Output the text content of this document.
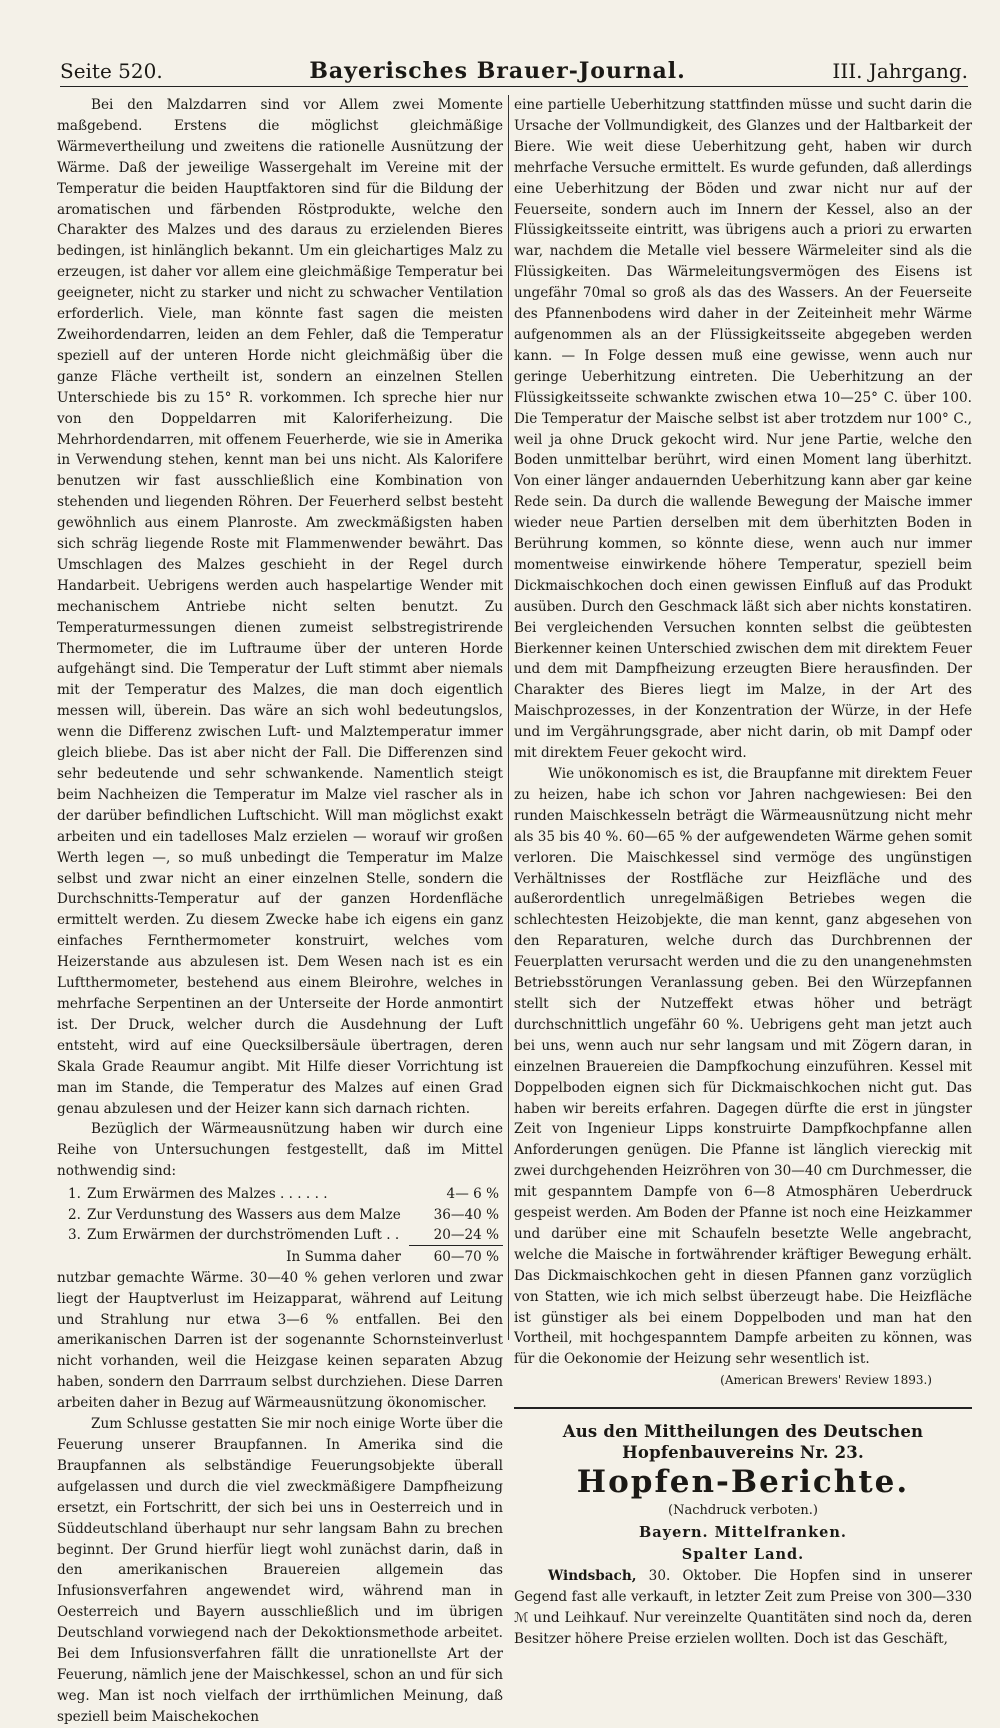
Seite 520.	Bayerisches Brauer-Journal.	III. Jahrgang.

Bei den Malzdarren sind vor Allem zwei Momente maßgebend. Erstens die möglichst gleichmäßige Wärmevertheilung und zweitens die rationelle Ausnützung der Wärme. Daß der jeweilige Wassergehalt im Vereine mit der Temperatur die beiden Hauptfaktoren sind für die Bildung der aromatischen und färbenden Röstprodukte, welche den Charakter des Malzes und des daraus zu erzielenden Bieres bedingen, ist hinlänglich bekannt. Um ein gleichartiges Malz zu erzeugen, ist daher vor allem eine gleichmäßige Temperatur bei geeigneter, nicht zu starker und nicht zu schwacher Ventilation erforderlich. Viele, man könnte fast sagen die meisten Zweihordendarren, leiden an dem Fehler, daß die Temperatur speziell auf der unteren Horde nicht gleichmäßig über die ganze Fläche vertheilt ist, sondern an einzelnen Stellen Unterschiede bis zu 15° R. vorkommen. Ich spreche hier nur von den Doppeldarren mit Kaloriferheizung. Die Mehrhordendarren, mit offenem Feuerherde, wie sie in Amerika in Verwendung stehen, kennt man bei uns nicht. Als Kalorifere benutzen wir fast ausschließlich eine Kombination von stehenden und liegenden Röhren. Der Feuerherd selbst besteht gewöhnlich aus einem Planroste. Am zweckmäßigsten haben sich schräg liegende Roste mit Flammenwender bewährt. Das Umschlagen des Malzes geschieht in der Regel durch Handarbeit. Uebrigens werden auch haspelartige Wender mit mechanischem Antriebe nicht selten benutzt. Zu Temperaturmessungen dienen zumeist selbstregistrirende Thermometer, die im Luftraume über der unteren Horde aufgehängt sind. Die Temperatur der Luft stimmt aber niemals mit der Temperatur des Malzes, die man doch eigentlich messen will, überein. Das wäre an sich wohl bedeutungslos, wenn die Differenz zwischen Luft- und Malztemperatur immer gleich bliebe. Das ist aber nicht der Fall. Die Differenzen sind sehr bedeutende und sehr schwankende. Namentlich steigt beim Nachheizen die Temperatur im Malze viel rascher als in der darüber befindlichen Luftschicht. Will man möglichst exakt arbeiten und ein tadelloses Malz erzielen — worauf wir großen Werth legen —, so muß unbedingt die Temperatur im Malze selbst und zwar nicht an einer einzelnen Stelle, sondern die Durchschnitts-Temperatur auf der ganzen Hordenfläche ermittelt werden. Zu diesem Zwecke habe ich eigens ein ganz einfaches Fernthermometer konstruirt, welches vom Heizerstande aus abzulesen ist. Dem Wesen nach ist es ein Luftthermometer, bestehend aus einem Bleirohre, welches in mehrfache Serpentinen an der Unterseite der Horde anmontirt ist. Der Druck, welcher durch die Ausdehnung der Luft entsteht, wird auf eine Quecksilbersäule übertragen, deren Skala Grade Reaumur angibt. Mit Hilfe dieser Vorrichtung ist man im Stande, die Temperatur des Malzes auf einen Grad genau abzulesen und der Heizer kann sich darnach richten.

Bezüglich der Wärmeausnützung haben wir durch eine Reihe von Untersuchungen festgestellt, daß im Mittel nothwendig sind:

1.	Zum Erwärmen des Malzes . . . . . .	4— 6 %
2.	Zur Verdunstung des Wassers aus dem Malze	36—40 %
3.	Zum Erwärmen der durchströmenden Luft . .	20—24 %
	In Summa daher	60—70 %

nutzbar gemachte Wärme. 30—40 % gehen verloren und zwar liegt der Hauptverlust im Heizapparat, während auf Leitung und Strahlung nur etwa 3—6 % entfallen. Bei den amerikanischen Darren ist der sogenannte Schornsteinverlust nicht vorhanden, weil die Heizgase keinen separaten Abzug haben, sondern den Darrraum selbst durchziehen. Diese Darren arbeiten daher in Bezug auf Wärmeausnützung ökonomischer.

Zum Schlusse gestatten Sie mir noch einige Worte über die Feuerung unserer Braupfannen. In Amerika sind die Braupfannen als selbständige Feuerungsobjekte überall aufgelassen und durch die viel zweckmäßigere Dampfheizung ersetzt, ein Fortschritt, der sich bei uns in Oesterreich und in Süddeutschland überhaupt nur sehr langsam Bahn zu brechen beginnt. Der Grund hierfür liegt wohl zunächst darin, daß in den amerikanischen Brauereien allgemein das Infusionsverfahren angewendet wird, während man in Oesterreich und Bayern ausschließlich und im übrigen Deutschland vorwiegend nach der Dekoktionsmethode arbeitet. Bei dem Infusionsverfahren fällt die unrationellste Art der Feuerung, nämlich jene der Maischkessel, schon an und für sich weg. Man ist noch vielfach der irrthümlichen Meinung, daß speziell beim Maischekochen

eine partielle Ueberhitzung stattfinden müsse und sucht darin die Ursache der Vollmundigkeit, des Glanzes und der Haltbarkeit der Biere. Wie weit diese Ueberhitzung geht, haben wir durch mehrfache Versuche ermittelt. Es wurde gefunden, daß allerdings eine Ueberhitzung der Böden und zwar nicht nur auf der Feuerseite, sondern auch im Innern der Kessel, also an der Flüssigkeitsseite eintritt, was übrigens auch a priori zu erwarten war, nachdem die Metalle viel bessere Wärmeleiter sind als die Flüssigkeiten. Das Wärmeleitungsvermögen des Eisens ist ungefähr 70mal so groß als das des Wassers. An der Feuerseite des Pfannenbodens wird daher in der Zeiteinheit mehr Wärme aufgenommen als an der Flüssigkeitsseite abgegeben werden kann. — In Folge dessen muß eine gewisse, wenn auch nur geringe Ueberhitzung eintreten. Die Ueberhitzung an der Flüssigkeitsseite schwankte zwischen etwa 10—25° C. über 100. Die Temperatur der Maische selbst ist aber trotzdem nur 100° C., weil ja ohne Druck gekocht wird. Nur jene Partie, welche den Boden unmittelbar berührt, wird einen Moment lang überhitzt. Von einer länger andauernden Ueberhitzung kann aber gar keine Rede sein. Da durch die wallende Bewegung der Maische immer wieder neue Partien derselben mit dem überhitzten Boden in Berührung kommen, so könnte diese, wenn auch nur immer momentweise einwirkende höhere Temperatur, speziell beim Dickmaischkochen doch einen gewissen Einfluß auf das Produkt ausüben. Durch den Geschmack läßt sich aber nichts konstatiren. Bei vergleichenden Versuchen konnten selbst die geübtesten Bierkenner keinen Unterschied zwischen dem mit direktem Feuer und dem mit Dampfheizung erzeugten Biere herausfinden. Der Charakter des Bieres liegt im Malze, in der Art des Maischprozesses, in der Konzentration der Würze, in der Hefe und im Vergährungsgrade, aber nicht darin, ob mit Dampf oder mit direktem Feuer gekocht wird.

Wie unökonomisch es ist, die Braupfanne mit direktem Feuer zu heizen, habe ich schon vor Jahren nachgewiesen: Bei den runden Maischkesseln beträgt die Wärmeausnützung nicht mehr als 35 bis 40 %. 60—65 % der aufgewendeten Wärme gehen somit verloren. Die Maischkessel sind vermöge des ungünstigen Verhältnisses der Rostfläche zur Heizfläche und des außerordentlich unregelmäßigen Betriebes wegen die schlechtesten Heizobjekte, die man kennt, ganz abgesehen von den Reparaturen, welche durch das Durchbrennen der Feuerplatten verursacht werden und die zu den unangenehmsten Betriebsstörungen Veranlassung geben. Bei den Würzepfannen stellt sich der Nutzeffekt etwas höher und beträgt durchschnittlich ungefähr 60 %. Uebrigens geht man jetzt auch bei uns, wenn auch nur sehr langsam und mit Zögern daran, in einzelnen Brauereien die Dampfkochung einzuführen. Kessel mit Doppelboden eignen sich für Dickmaischkochen nicht gut. Das haben wir bereits erfahren. Dagegen dürfte die erst in jüngster Zeit von Ingenieur Lipps konstruirte Dampfkochpfanne allen Anforderungen genügen. Die Pfanne ist länglich viereckig mit zwei durchgehenden Heizröhren von 30—40 cm Durchmesser, die mit gespanntem Dampfe von 6—8 Atmosphären Ueberdruck gespeist werden. Am Boden der Pfanne ist noch eine Heizkammer und darüber eine mit Schaufeln besetzte Welle angebracht, welche die Maische in fortwährender kräftiger Bewegung erhält. Das Dickmaischkochen geht in diesen Pfannen ganz vorzüglich von Statten, wie ich mich selbst überzeugt habe. Die Heizfläche ist günstiger als bei einem Doppelboden und man hat den Vortheil, mit hochgespanntem Dampfe arbeiten zu können, was für die Oekonomie der Heizung sehr wesentlich ist.

(American Brewers' Review 1893.)

Aus den Mittheilungen des Deutschen Hopfenbauvereins Nr. 23.

Hopfen-Berichte.

(Nachdruck verboten.)

Bayern. Mittelfranken.

Spalter Land.

Windsbach, 30. Oktober. Die Hopfen sind in unserer Gegend fast alle verkauft, in letzter Zeit zum Preise von 300—330 ℳ und Leihkauf. Nur vereinzelte Quantitäten sind noch da, deren Besitzer höhere Preise erzielen wollten. Doch ist das Geschäft,
